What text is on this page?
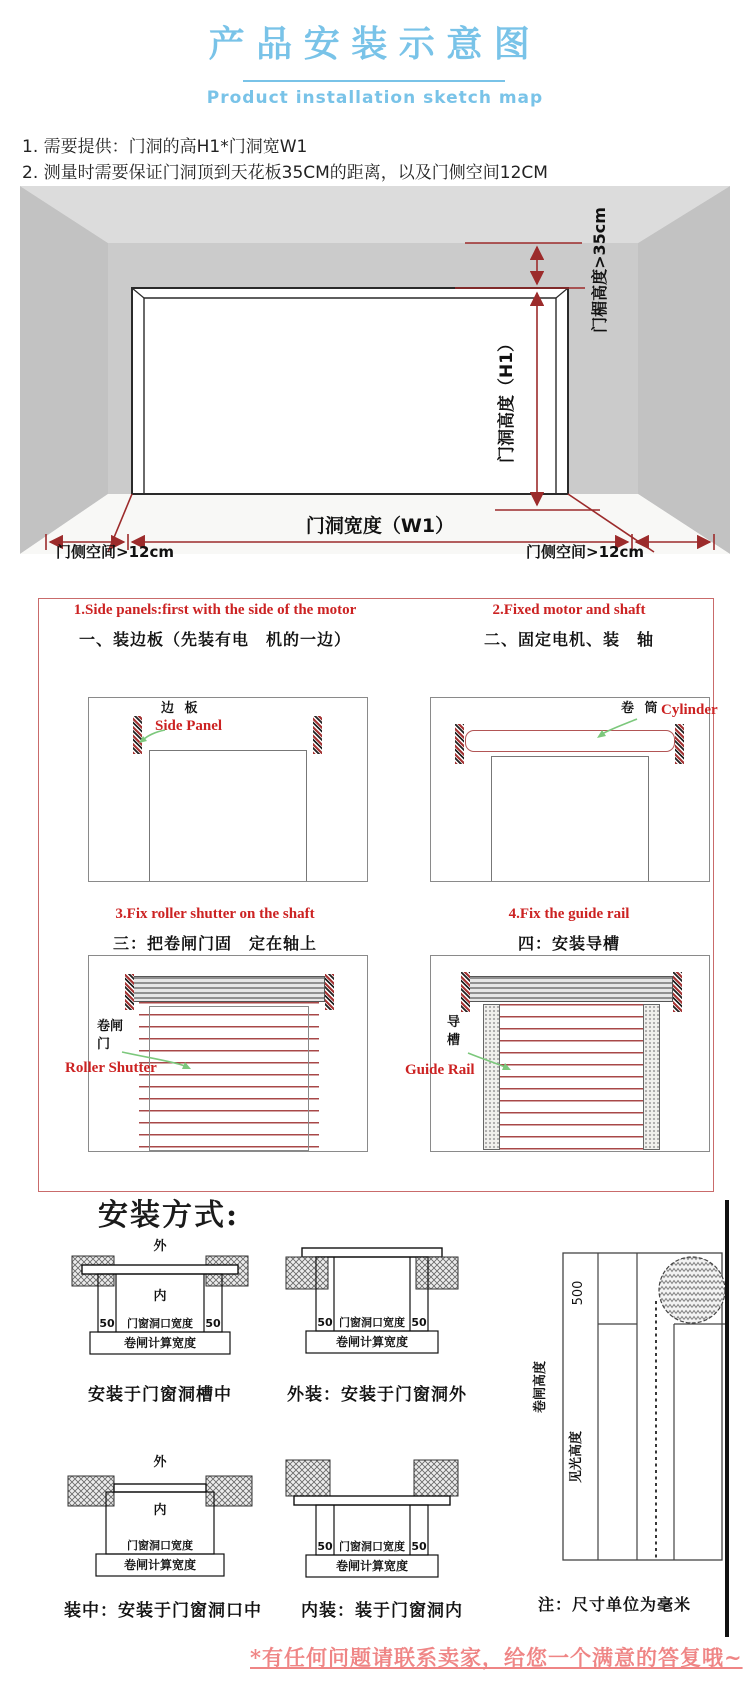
产品安装示意图
Product installation sketch map
1. 需要提供：门洞的高H1*门洞宽W1
2. 测量时需要保证门洞顶到天花板35CM的距离，以及门侧空间12CM
门楣高度>35cm
门洞高度（H1）
门洞宽度（W1）
门侧空间>12cm	门侧空间>12cm
1.Side panels:first with the side of the motor
一、装边板（先装有电　机的一边）
2.Fixed motor and shaft
二、固定电机、装　轴
边 板
Side Panel
卷 筒 Cylinder
3.Fix roller shutter on the shaft
三：把卷闸门固　定在轴上
4.Fix the guide rail
四：安装导槽
卷闸门
Roller Shutter
导槽
Guide Rail
安装方式:
外
内
50	50
门窗洞口宽度
卷闸计算宽度
安装于门窗洞槽中
50	50
门窗洞口宽度
卷闸计算宽度
外装：安装于门窗洞外
外
内
门窗洞口宽度
卷闸计算宽度
装中：安装于门窗洞口中
50	50
门窗洞口宽度
卷闸计算宽度
内装：装于门窗洞内
500
卷闸高度
见光高度
注：尺寸单位为毫米
*有任何问题请联系卖家，给您一个满意的答复哦~
